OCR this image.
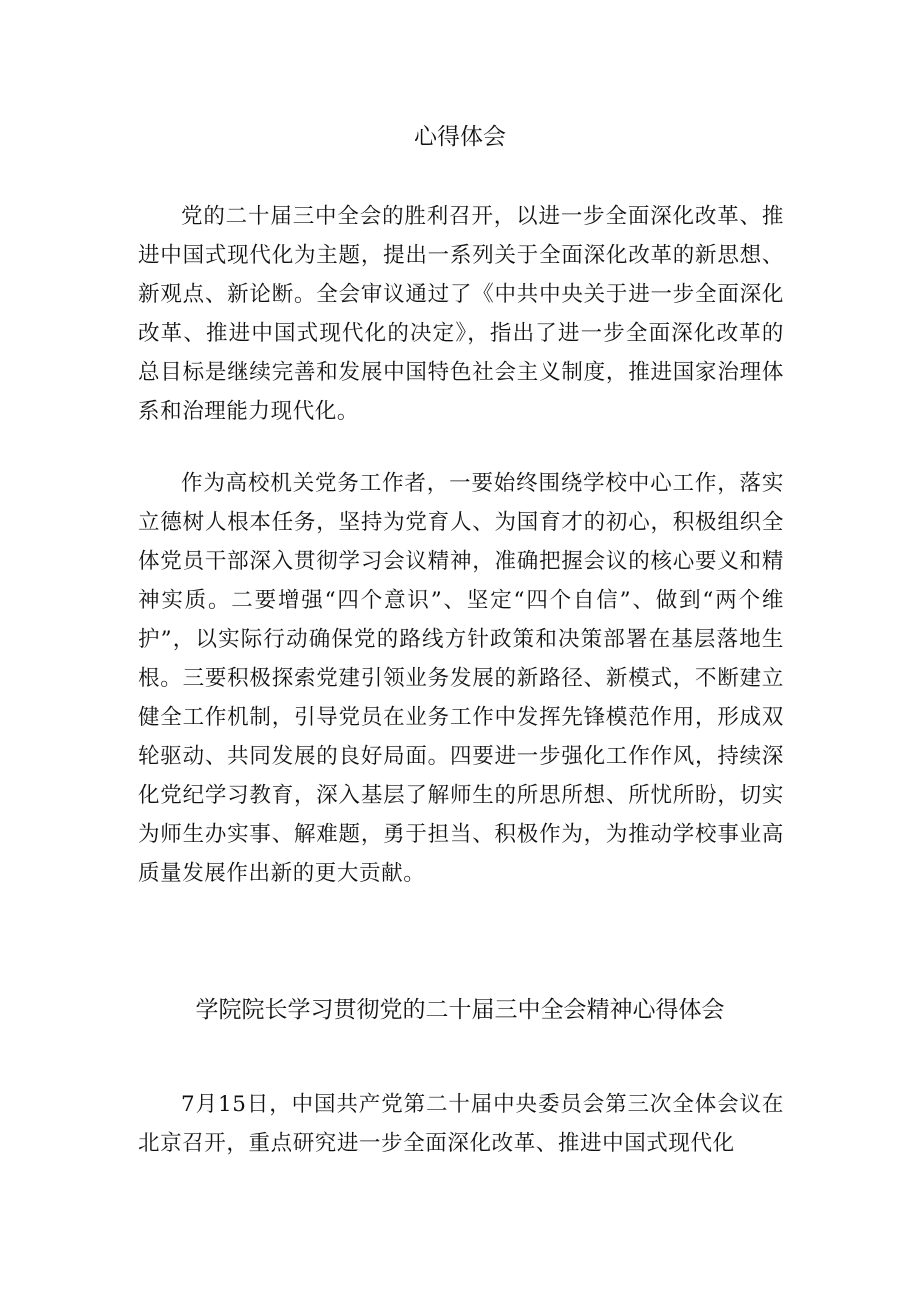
心得体会

党的二十届三中全会的胜利召开，以进一步全面深化改革、推进中国式现代化为主题，提出一系列关于全面深化改革的新思想、新观点、新论断。全会审议通过了《中共中央关于进一步全面深化改革、推进中国式现代化的决定》，指出了进一步全面深化改革的总目标是继续完善和发展中国特色社会主义制度，推进国家治理体系和治理能力现代化。

作为高校机关党务工作者，一要始终围绕学校中心工作，落实立德树人根本任务，坚持为党育人、为国育才的初心，积极组织全体党员干部深入贯彻学习会议精神，准确把握会议的核心要义和精神实质。二要增强“四个意识”、坚定“四个自信”、做到“两个维护”，以实际行动确保党的路线方针政策和决策部署在基层落地生根。三要积极探索党建引领业务发展的新路径、新模式，不断建立健全工作机制，引导党员在业务工作中发挥先锋模范作用，形成双轮驱动、共同发展的良好局面。四要进一步强化工作作风，持续深化党纪学习教育，深入基层了解师生的所思所想、所忧所盼，切实为师生办实事、解难题，勇于担当、积极作为，为推动学校事业高质量发展作出新的更大贡献。

学院院长学习贯彻党的二十届三中全会精神心得体会

7月15日，中国共产党第二十届中央委员会第三次全体会议在北京召开，重点研究进一步全面深化改革、推进中国式现代化
